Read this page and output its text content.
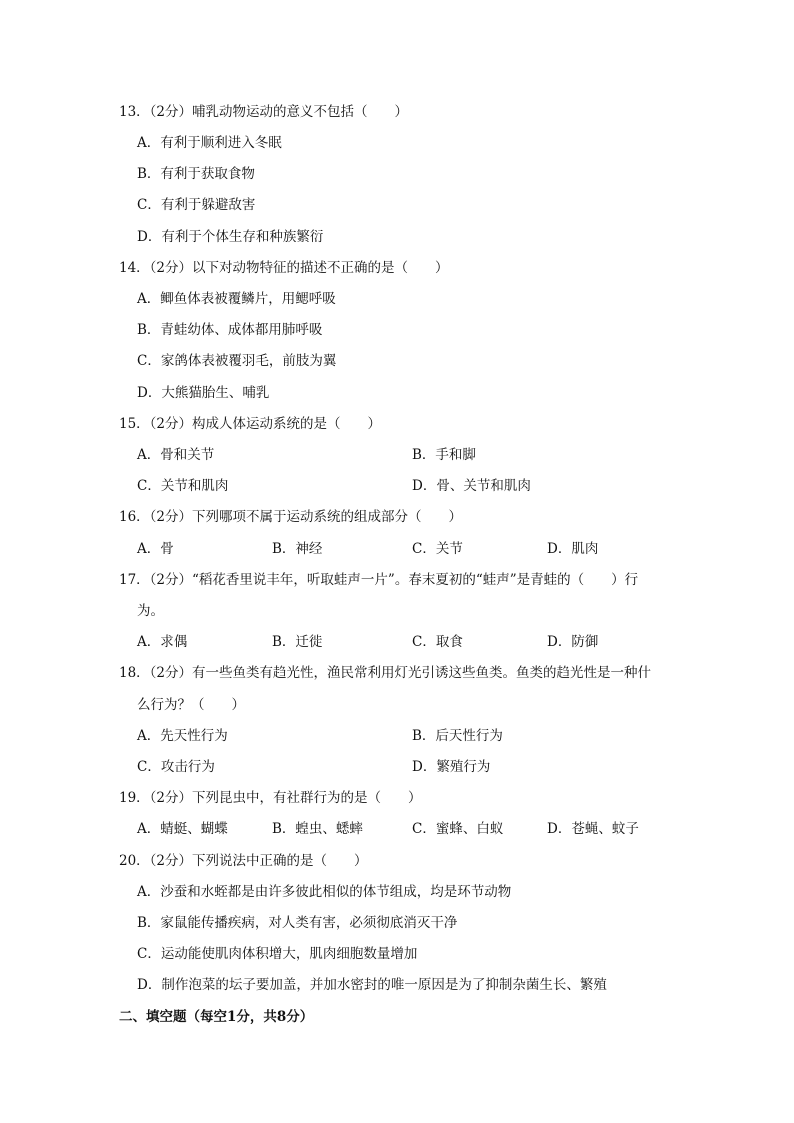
13．（2分）哺乳动物运动的意义不包括（　　）
A．有利于顺利进入冬眠
B．有利于获取食物
C．有利于躲避敌害
D．有利于个体生存和种族繁衍
14．（2分）以下对动物特征的描述不正确的是（　　）
A．鲫鱼体表被覆鳞片，用鳃呼吸
B．青蛙幼体、成体都用肺呼吸
C．家鸽体表被覆羽毛，前肢为翼
D．大熊猫胎生、哺乳
15．（2分）构成人体运动系统的是（　　）
A．骨和关节	B．手和脚
C．关节和肌肉	D．骨、关节和肌肉
16．（2分）下列哪项不属于运动系统的组成部分（　　）
A．骨	B．神经	C．关节	D．肌肉
17．（2分）“稻花香里说丰年，听取蛙声一片”。春末夏初的“蛙声”是青蛙的（　　）行
为。
A．求偶	B．迁徙	C．取食	D．防御
18．（2分）有一些鱼类有趋光性，渔民常利用灯光引诱这些鱼类。鱼类的趋光性是一种什
么行为？（　　）
A．先天性行为	B．后天性行为
C．攻击行为	D．繁殖行为
19．（2分）下列昆虫中，有社群行为的是（　　）
A．蜻蜓、蝴蝶	B．蝗虫、蟋蟀	C．蜜蜂、白蚁	D．苍蝇、蚊子
20．（2分）下列说法中正确的是（　　）
A．沙蚕和水蛭都是由许多彼此相似的体节组成，均是环节动物
B．家鼠能传播疾病，对人类有害，必须彻底消灭干净
C．运动能使肌肉体积增大，肌肉细胞数量增加
D．制作泡菜的坛子要加盖，并加水密封的唯一原因是为了抑制杂菌生长、繁殖
二、填空题（每空1分，共8分）
